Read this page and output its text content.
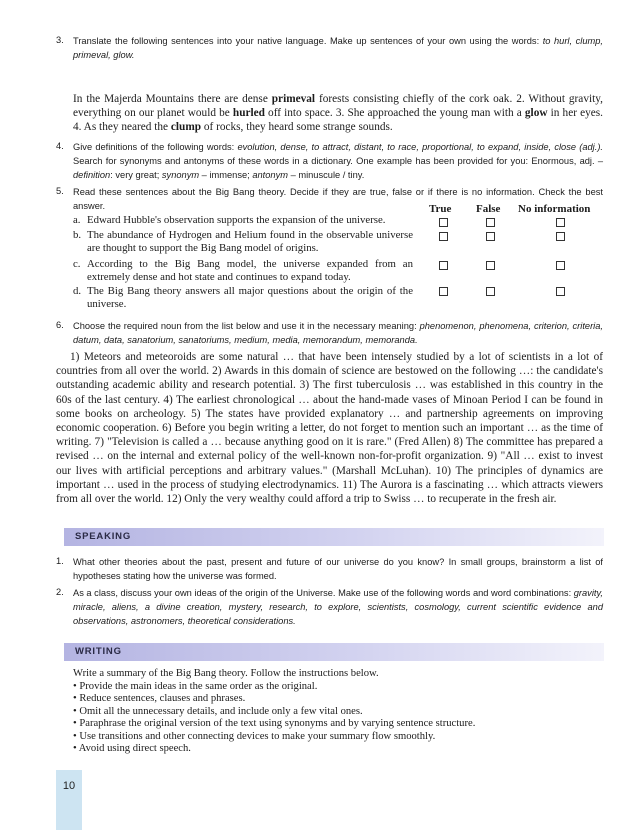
3. Translate the following sentences into your native language. Make up sentences of your own using the words: to hurl, clump, primeval, glow.
In the Majerda Mountains there are dense primeval forests consisting chiefly of the cork oak. 2. Without gravity, everything on our planet would be hurled off into space. 3. She approached the young man with a glow in her eyes. 4. As they neared the clump of rocks, they heard some strange sounds.
4. Give definitions of the following words: evolution, dense, to attract, distant, to race, proportional, to expand, inside, close (adj.). Search for synonyms and antonyms of these words in a dictionary. One example has been provided for you: Enormous, adj. – definition: very great; synonym – immense; antonym – minuscule / tiny.
5. Read these sentences about the Big Bang theory. Decide if they are true, false or if there is no information. Check the best answer.	True False No information
a. Edward Hubble's observation supports the expansion of the universe.
b. The abundance of Hydrogen and Helium found in the observable universe are thought to support the Big Bang model of origins.
c. According to the Big Bang model, the universe expanded from an extremely dense and hot state and continues to expand today.
d. The Big Bang theory answers all major questions about the origin of the universe.
6. Choose the required noun from the list below and use it in the necessary meaning: phenomenon, phenomena, criterion, criteria, datum, data, sanatorium, sanatoriums, medium, media, memorandum, memoranda.
1) Meteors and meteoroids are some natural … that have been intensely studied by a lot of scientists in a lot of countries from all over the world. 2) Awards in this domain of science are bestowed on the following …: the candidate's outstanding academic ability and research potential. 3) The first tuberculosis … was established in this country in the 60s of the last century. 4) The earliest chronological … about the hand-made vases of Minoan Period I can be found in some books on archeology. 5) The states have provided explanatory … and partnership agreements on improving economic cooperation. 6) Before you begin writing a letter, do not forget to mention such an important … as the time of writing. 7) "Television is called a … because anything good on it is rare." (Fred Allen) 8) The committee has prepared a revised … on the internal and external policy of the well-known non-for-profit organization. 9) "All … exist to invest our lives with artificial perceptions and arbitrary values." (Marshall McLuhan). 10) The principles of dynamics are important … used in the process of studying electrodynamics. 11) The Aurora is a fascinating … which attracts viewers from all over the world. 12) Only the very wealthy could afford a trip to Swiss … to recuperate in the fresh air.
SPEAKING
1. What other theories about the past, present and future of our universe do you know? In small groups, brainstorm a list of hypotheses stating how the universe was formed.
2. As a class, discuss your own ideas of the origin of the Universe. Make use of the following words and word combinations: gravity, miracle, aliens, a divine creation, mystery, research, to explore, scientists, cosmology, current scientific evidence and observations, astronomers, theoretical considerations.
WRITING
Write a summary of the Big Bang theory. Follow the instructions below.
• Provide the main ideas in the same order as the original.
• Reduce sentences, clauses and phrases.
• Omit all the unnecessary details, and include only a few vital ones.
• Paraphrase the original version of the text using synonyms and by varying sentence structure.
• Use transitions and other connecting devices to make your summary flow smoothly.
• Avoid using direct speech.
10
